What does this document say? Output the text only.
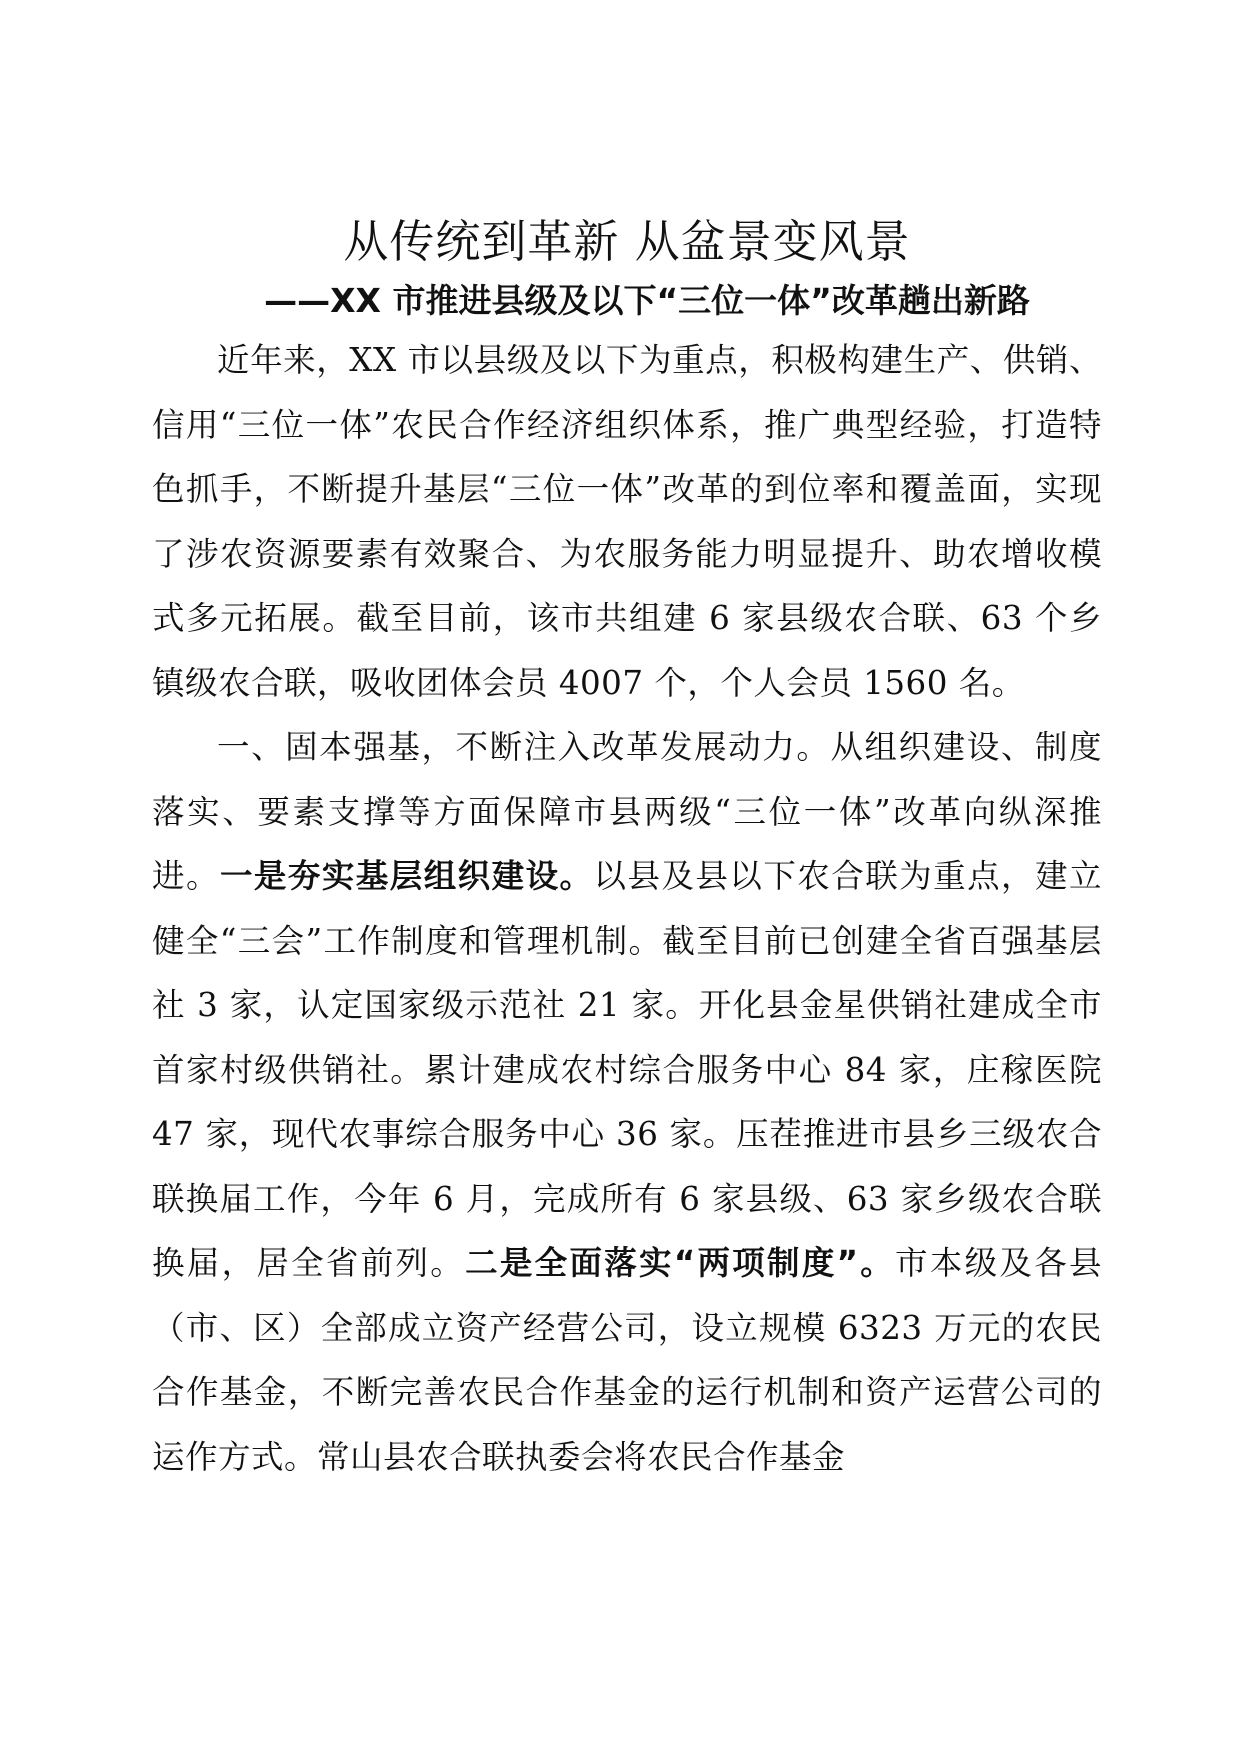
从传统到革新 从盆景变风景
——XX 市推进县级及以下“三位一体”改革趟出新路

近年来，XX 市以县级及以下为重点，积极构建生产、供销、信用“三位一体”农民合作经济组织体系，推广典型经验，打造特色抓手，不断提升基层“三位一体”改革的到位率和覆盖面，实现了涉农资源要素有效聚合、为农服务能力明显提升、助农增收模式多元拓展。截至目前，该市共组建 6 家县级农合联、63 个乡镇级农合联，吸收团体会员 4007 个，个人会员 1560 名。

一、固本强基，不断注入改革发展动力。从组织建设、制度落实、要素支撑等方面保障市县两级“三位一体”改革向纵深推进。一是夯实基层组织建设。以县及县以下农合联为重点，建立健全“三会”工作制度和管理机制。截至目前已创建全省百强基层社 3 家，认定国家级示范社 21 家。开化县金星供销社建成全市首家村级供销社。累计建成农村综合服务中心 84 家，庄稼医院 47 家，现代农事综合服务中心 36 家。压茬推进市县乡三级农合联换届工作，今年 6 月，完成所有 6 家县级、63 家乡级农合联换届，居全省前列。二是全面落实“两项制度”。市本级及各县（市、区）全部成立资产经营公司，设立规模 6323 万元的农民合作基金，不断完善农民合作基金的运行机制和资产运营公司的运作方式。常山县农合联执委会将农民合作基金
